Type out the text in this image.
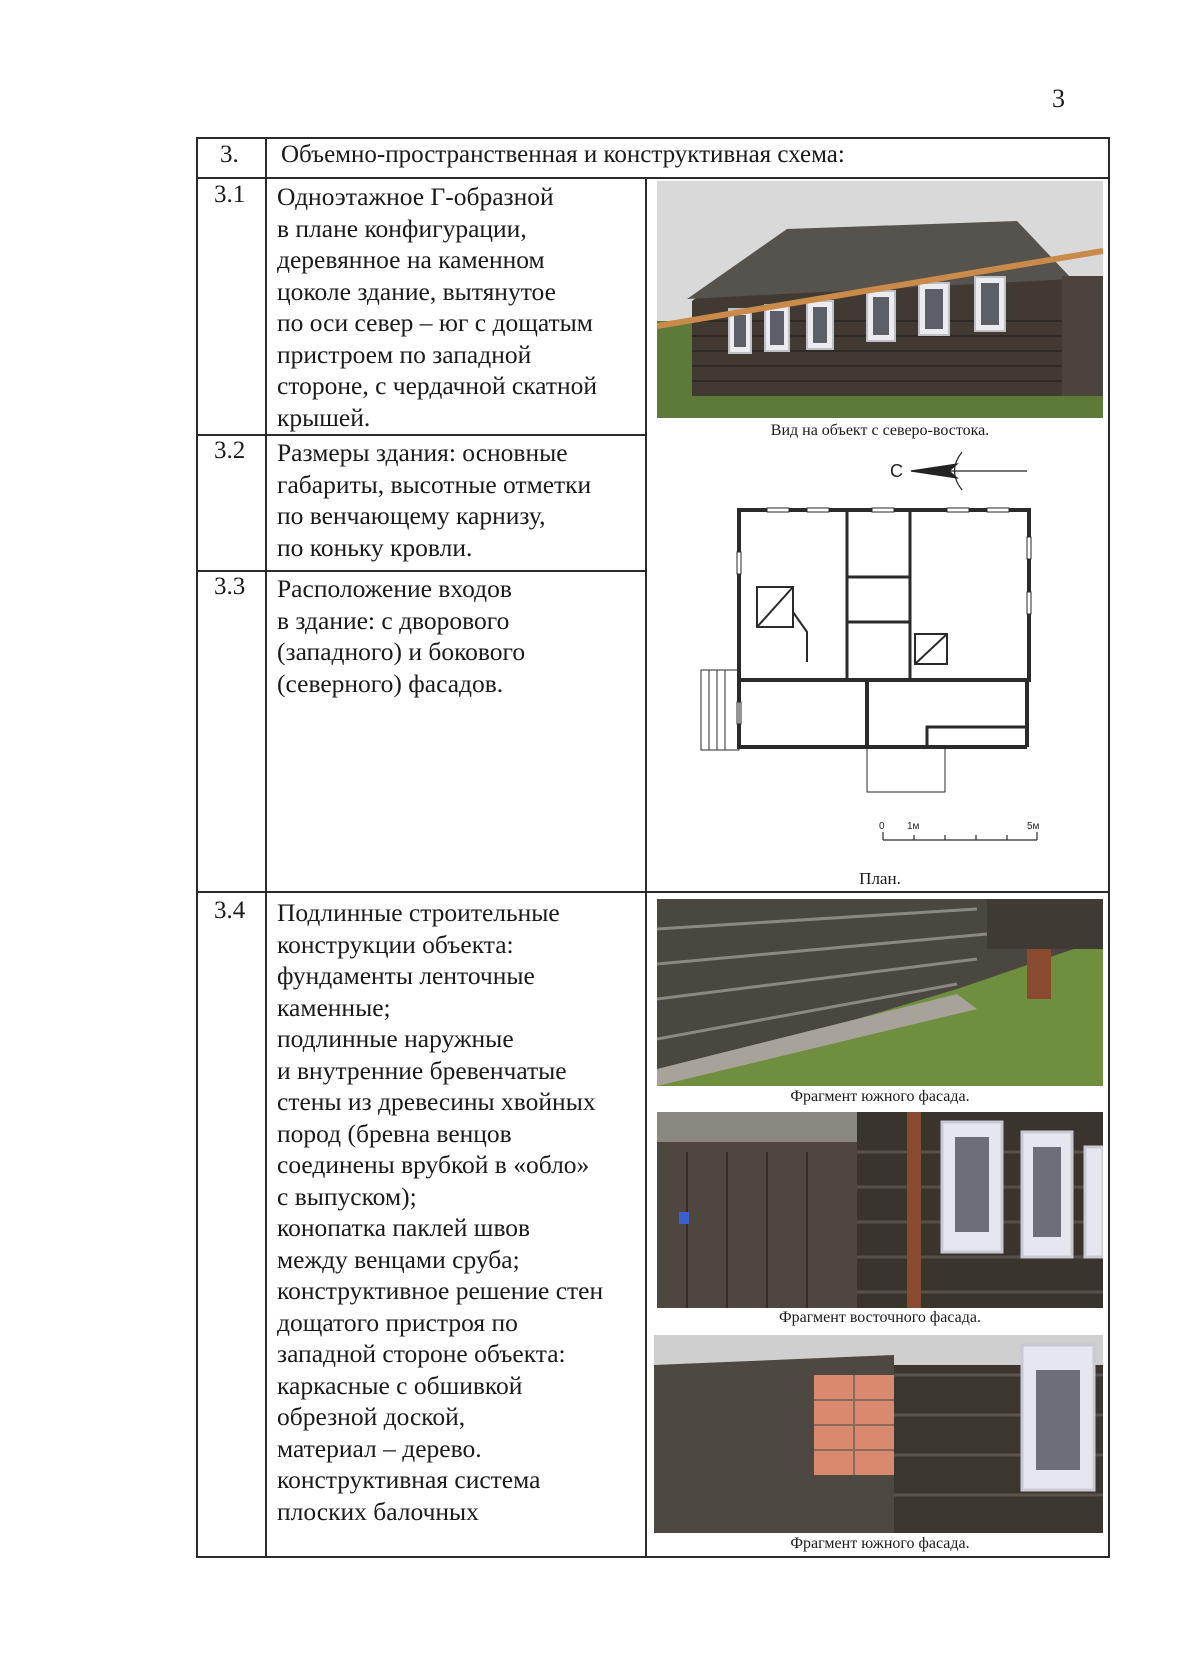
3
3. Объемно-пространственная и конструктивная схема:
3.1
3.2
3.3
3.4
Одноэтажное Г-образной
в плане конфигурации,
деревянное на каменном
цоколе здание, вытянутое
по оси север – юг с дощатым
пристроем по западной
стороне, с чердачной скатной
крышей.
Размеры здания: основные
габариты, высотные отметки
по венчающему карнизу,
по коньку кровли.
Расположение входов
в здание: с дворового
(западного) и бокового
(северного) фасадов.
Подлинные строительные
конструкции объекта:
фундаменты ленточные
каменные;
подлинные наружные
и внутренние бревенчатые
стены из древесины хвойных
пород (бревна венцов
соединены врубкой в «обло»
с выпуском);
конопатка паклей швов
между венцами сруба;
конструктивное решение стен
дощатого пристроя по
западной стороне объекта:
каркасные с обшивкой
обрезной доской,
материал – дерево.
конструктивная система
плоских балочных
Вид на объект с северо-востока.
С
0 1м	5м
План.
Фрагмент южного фасада.
Фрагмент восточного фасада.
Фрагмент южного фасада.
